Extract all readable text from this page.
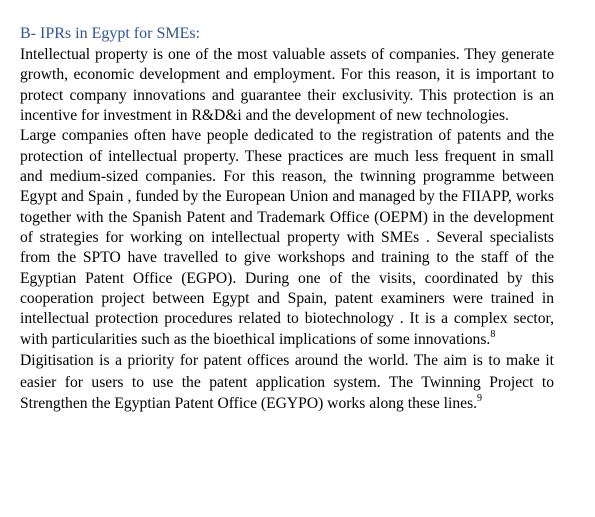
B- IPRs in Egypt for SMEs:

Intellectual property is one of the most valuable assets of companies. They generate growth, economic development and employment. For this reason, it is important to protect company innovations and guarantee their exclusivity. This protection is an incentive for investment in R&D&i and the development of new technologies.

Large companies often have people dedicated to the registration of patents and the protection of intellectual property. These practices are much less frequent in small and medium-sized companies. For this reason, the twinning programme between Egypt and Spain , funded by the European Union and managed by the FIIAPP, works together with the Spanish Patent and Trademark Office (OEPM) in the development of strategies for working on intellectual property with SMEs . Several specialists from the SPTO have travelled to give workshops and training to the staff of the Egyptian Patent Office (EGPO). During one of the visits, coordinated by this cooperation project between Egypt and Spain, patent examiners were trained in intellectual protection procedures related to biotechnology . It is a complex sector, with particularities such as the bioethical implications of some innovations.$^8$

Digitisation is a priority for patent offices around the world. The aim is to make it easier for users to use the patent application system. The Twinning Project to Strengthen the Egyptian Patent Office (EGYPO) works along these lines.$^9$
